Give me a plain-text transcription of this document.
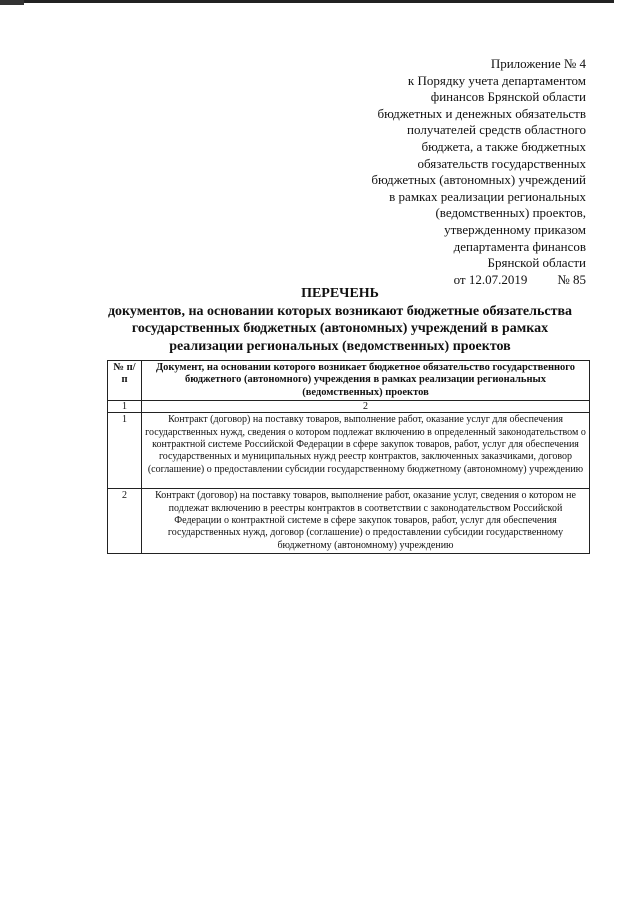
Приложение № 4
к Порядку учета департаментом
финансов Брянской области
бюджетных и денежных обязательств
получателей средств областного
бюджета, а также бюджетных
обязательств государственных
бюджетных (автономных) учреждений
в рамках реализации региональных
(ведомственных) проектов,
утвержденному приказом
департамента финансов
Брянской области
от 12.07.2019 № 85
ПЕРЕЧЕНЬ
документов, на основании которых возникают бюджетные обязательства
государственных бюджетных (автономных) учреждений в рамках
реализации региональных (ведомственных) проектов
№ п/п	Документ, на основании которого возникает бюджетное обязательство государственного бюджетного (автономного) учреждения в рамках реализации региональных (ведомственных) проектов
1	2
1	Контракт (договор) на поставку товаров, выполнение работ, оказание услуг для обеспечения государственных нужд, сведения о котором подлежат включению в определенный законодательством о контрактной системе Российской Федерации в сфере закупок товаров, работ, услуг для обеспечения государственных и муниципальных нужд реестр контрактов, заключенных заказчиками, договор (соглашение) о предоставлении субсидии государственному бюджетному (автономному) учреждению
2	Контракт (договор) на поставку товаров, выполнение работ, оказание услуг, сведения о котором не подлежат включению в реестры контрактов в соответствии с законодательством Российской Федерации о контрактной системе в сфере закупок товаров, работ, услуг для обеспечения государственных нужд, договор (соглашение) о предоставлении субсидии государственному бюджетному (автономному) учреждению
